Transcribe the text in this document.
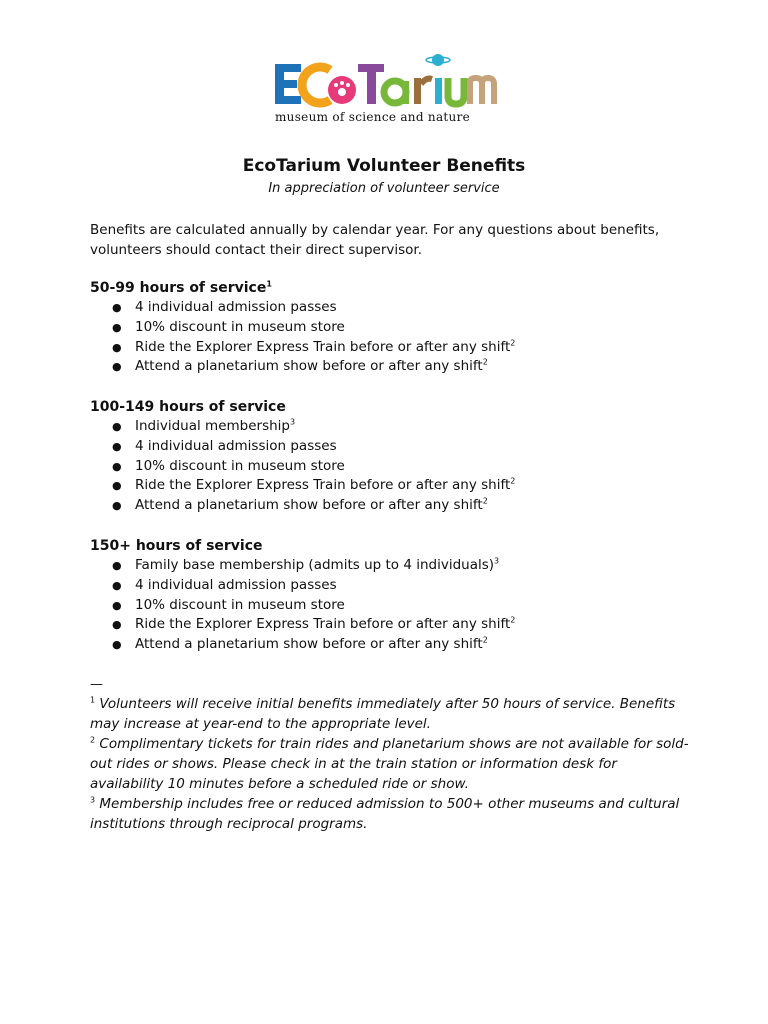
museum of science and nature
EcoTarium Volunteer Benefits
In appreciation of volunteer service
Benefits are calculated annually by calendar year. For any questions about benefits, volunteers should contact their direct supervisor.
50-99 hours of service$^1$
● 4 individual admission passes
● 10% discount in museum store
● Ride the Explorer Express Train before or after any shift$^2$
● Attend a planetarium show before or after any shift$^2$
100-149 hours of service
● Individual membership$^3$
● 4 individual admission passes
● 10% discount in museum store
● Ride the Explorer Express Train before or after any shift$^2$
● Attend a planetarium show before or after any shift$^2$
150+ hours of service
● Family base membership (admits up to 4 individuals)$^3$
● 4 individual admission passes
● 10% discount in museum store
● Ride the Explorer Express Train before or after any shift$^2$
● Attend a planetarium show before or after any shift$^2$
—

$^1$ Volunteers will receive initial benefits immediately after 50 hours of service. Benefits may increase at year-end to the appropriate level.

$^2$ Complimentary tickets for train rides and planetarium shows are not available for sold-out rides or shows. Please check in at the train station or information desk for availability 10 minutes before a scheduled ride or show.

$^3$ Membership includes free or reduced admission to 500+ other museums and cultural institutions through reciprocal programs.
